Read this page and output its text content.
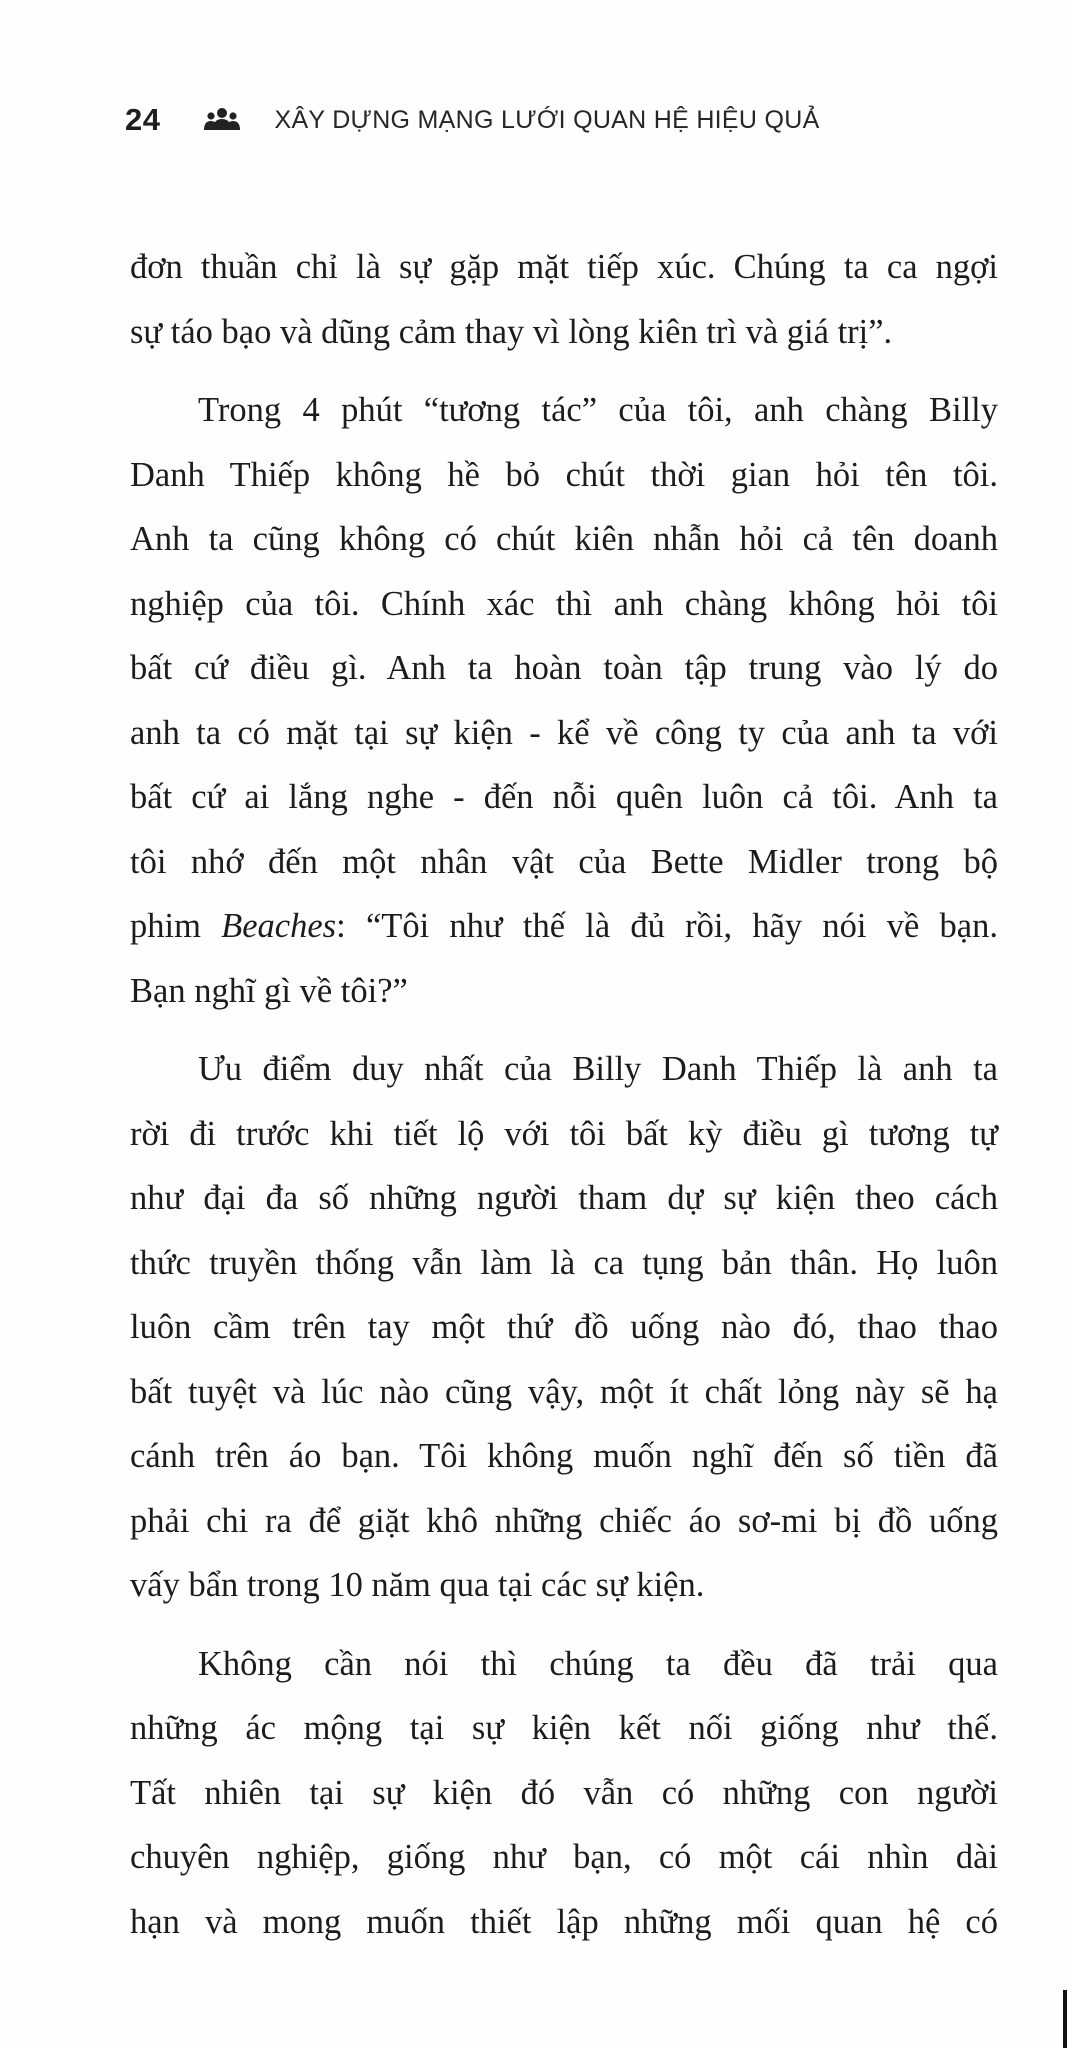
24	XÂY DỰNG MẠNG LƯỚI QUAN HỆ HIỆU QUẢ

đơn thuần chỉ là sự gặp mặt tiếp xúc. Chúng ta ca ngợi
sự táo bạo và dũng cảm thay vì lòng kiên trì và giá trị”.

Trong 4 phút “tương tác” của tôi, anh chàng Billy
Danh Thiếp không hề bỏ chút thời gian hỏi tên tôi.
Anh ta cũng không có chút kiên nhẫn hỏi cả tên doanh
nghiệp của tôi. Chính xác thì anh chàng không hỏi tôi
bất cứ điều gì. Anh ta hoàn toàn tập trung vào lý do
anh ta có mặt tại sự kiện - kể về công ty của anh ta với
bất cứ ai lắng nghe - đến nỗi quên luôn cả tôi. Anh ta
tôi nhớ đến một nhân vật của Bette Midler trong bộ
phim Beaches: “Tôi như thế là đủ rồi, hãy nói về bạn.
Bạn nghĩ gì về tôi?”

Ưu điểm duy nhất của Billy Danh Thiếp là anh ta
rời đi trước khi tiết lộ với tôi bất kỳ điều gì tương tự
như đại đa số những người tham dự sự kiện theo cách
thức truyền thống vẫn làm là ca tụng bản thân. Họ luôn
luôn cầm trên tay một thứ đồ uống nào đó, thao thao
bất tuyệt và lúc nào cũng vậy, một ít chất lỏng này sẽ hạ
cánh trên áo bạn. Tôi không muốn nghĩ đến số tiền đã
phải chi ra để giặt khô những chiếc áo sơ-mi bị đồ uống
vấy bẩn trong 10 năm qua tại các sự kiện.

Không cần nói thì chúng ta đều đã trải qua
những ác mộng tại sự kiện kết nối giống như thế.
Tất nhiên tại sự kiện đó vẫn có những con người
chuyên nghiệp, giống như bạn, có một cái nhìn dài
hạn và mong muốn thiết lập những mối quan hệ có
